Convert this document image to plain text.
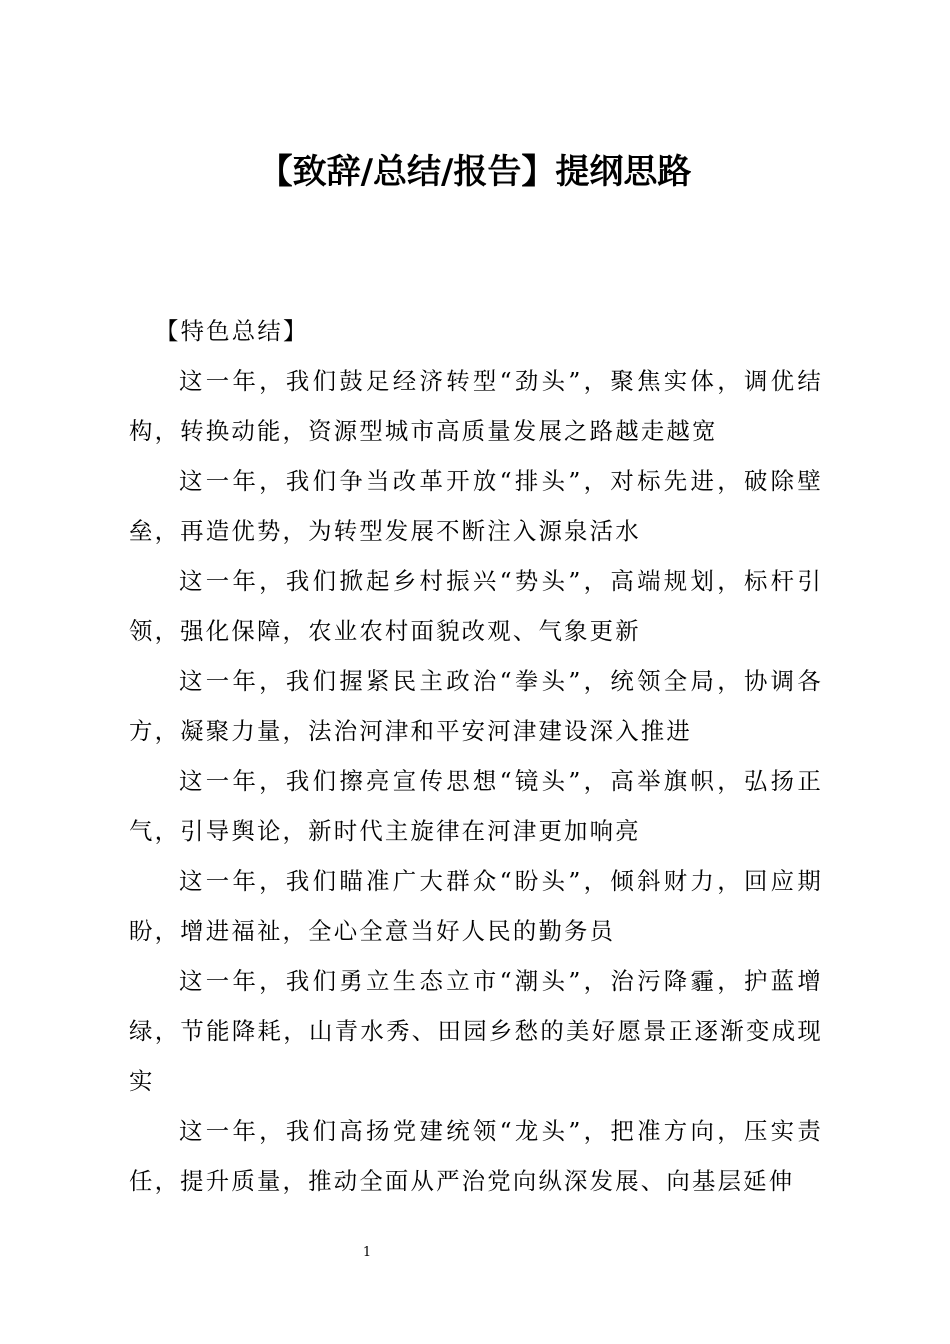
【致辞/总结/报告】提纲思路

【特色总结】

这一年，我们鼓足经济转型“劲头”，聚焦实体，调优结构，转换动能，资源型城市高质量发展之路越走越宽

这一年，我们争当改革开放“排头”，对标先进，破除壁垒，再造优势，为转型发展不断注入源泉活水

这一年，我们掀起乡村振兴“势头”，高端规划，标杆引领，强化保障，农业农村面貌改观、气象更新

这一年，我们握紧民主政治“拳头”，统领全局，协调各方，凝聚力量，法治河津和平安河津建设深入推进

这一年，我们擦亮宣传思想“镜头”，高举旗帜，弘扬正气，引导舆论，新时代主旋律在河津更加响亮

这一年，我们瞄准广大群众“盼头”，倾斜财力，回应期盼，增进福祉，全心全意当好人民的勤务员

这一年，我们勇立生态立市“潮头”，治污降霾，护蓝增绿，节能降耗，山青水秀、田园乡愁的美好愿景正逐渐变成现实

这一年，我们高扬党建统领“龙头”，把准方向，压实责任，提升质量，推动全面从严治党向纵深发展、向基层延伸

1
